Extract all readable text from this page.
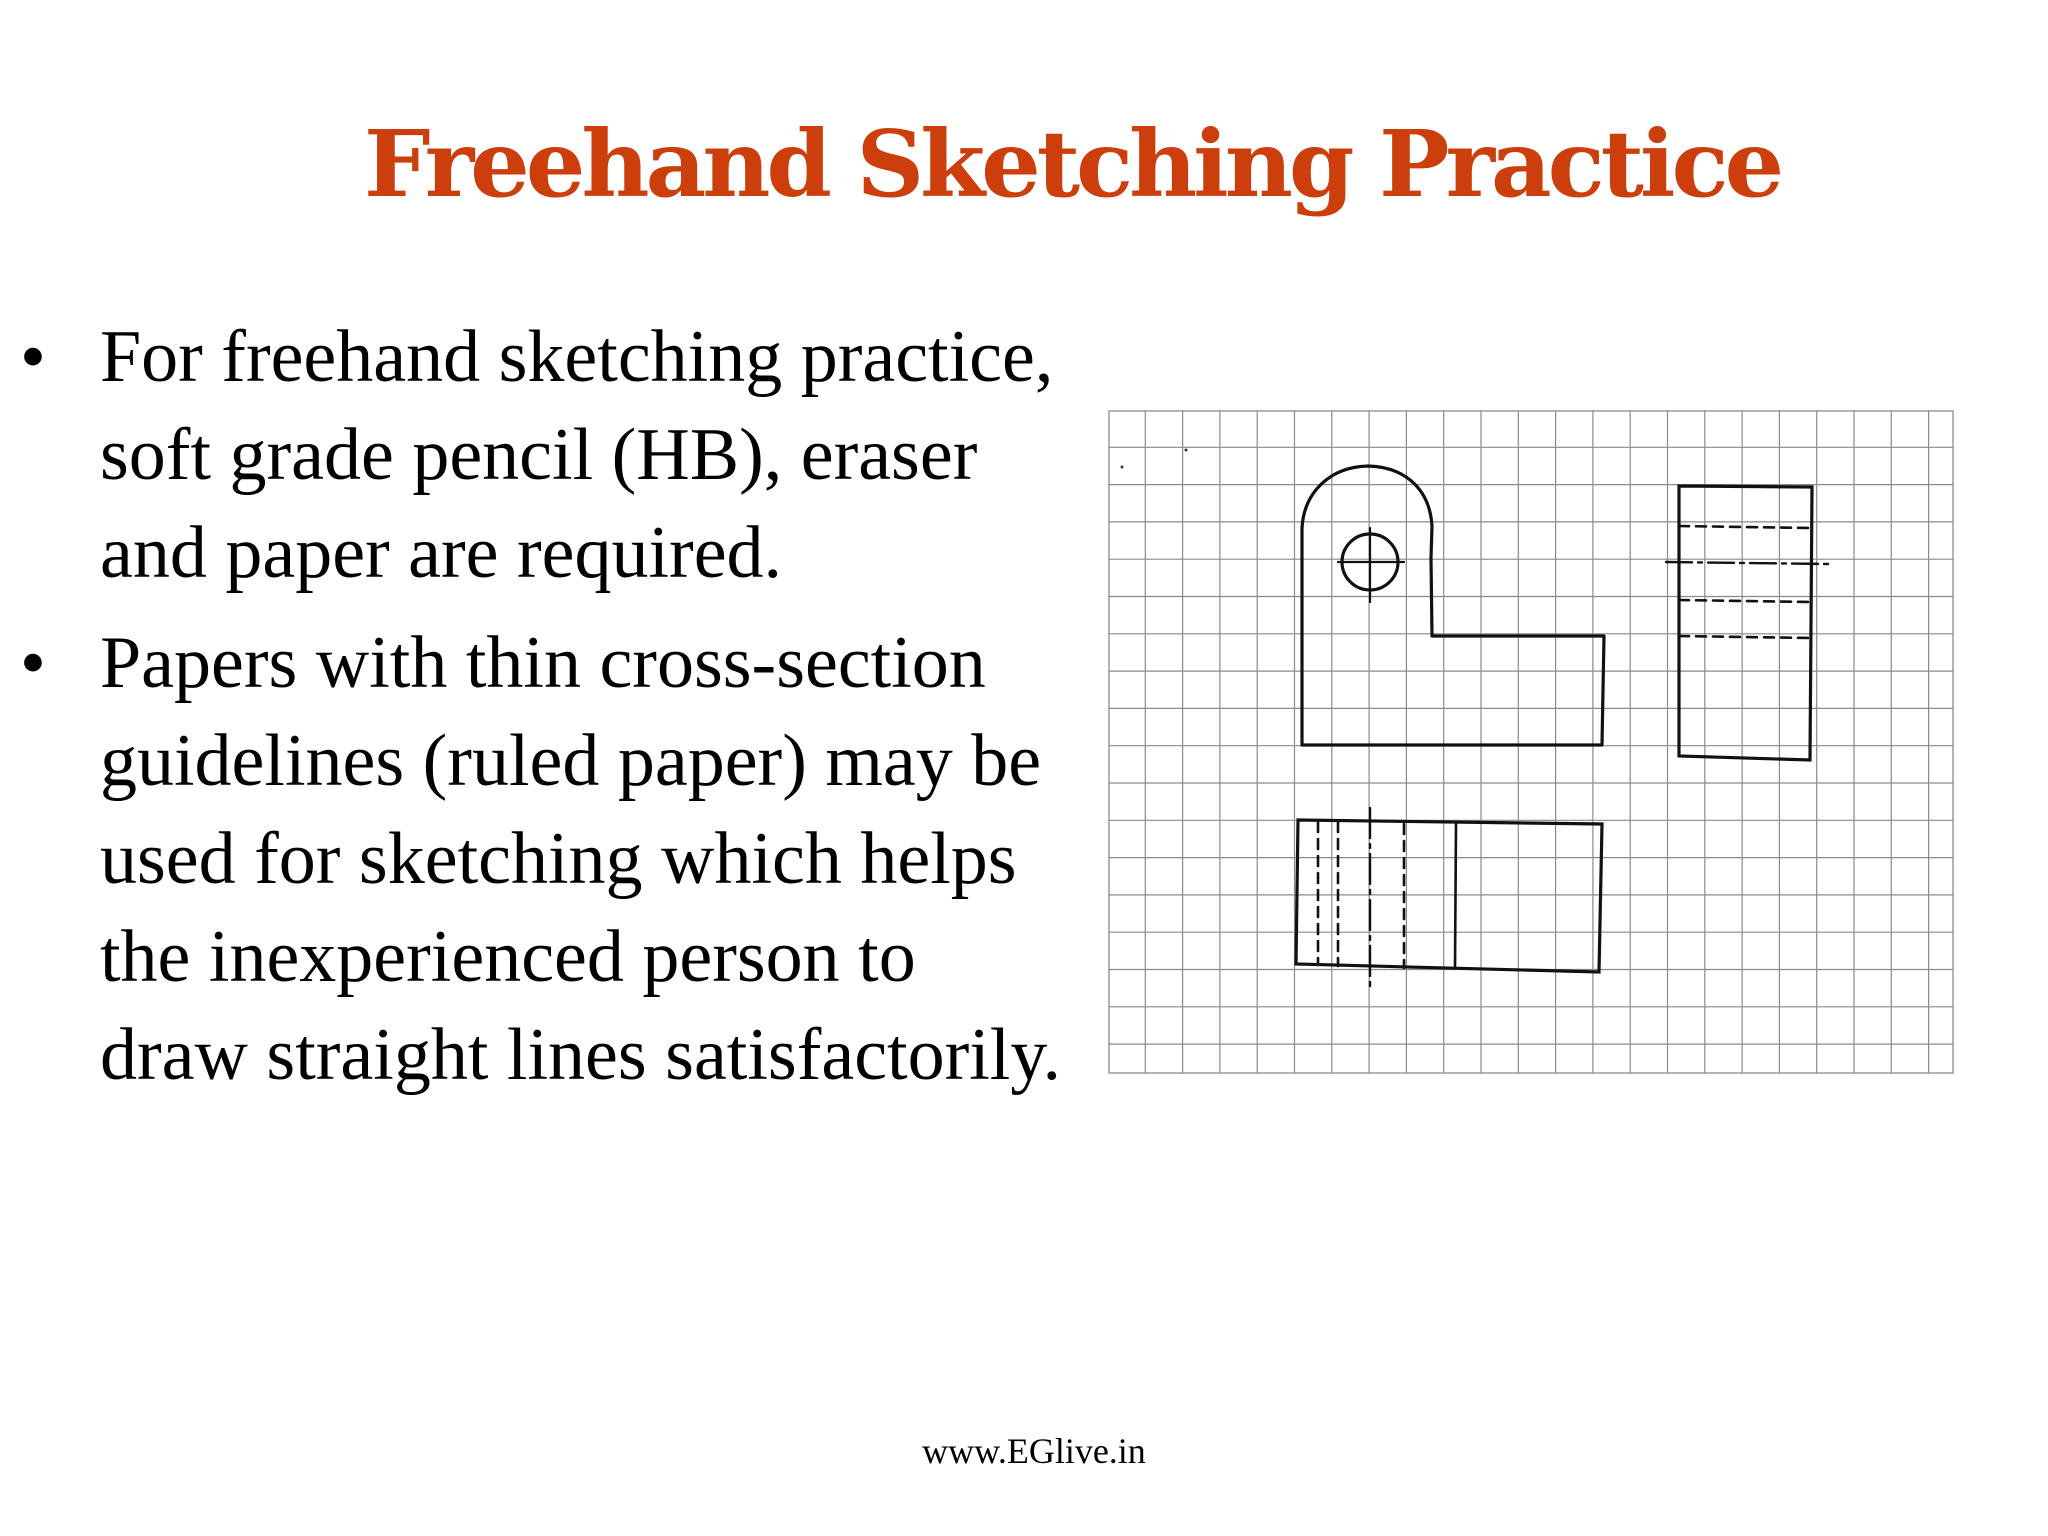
Freehand Sketching Practice
• For freehand sketching practice, soft grade pencil (HB), eraser and paper are required.
• Papers with thin cross-section guidelines (ruled paper) may be used for sketching which helps the inexperienced person to draw straight lines satisfactorily.
www.EGlive.in
